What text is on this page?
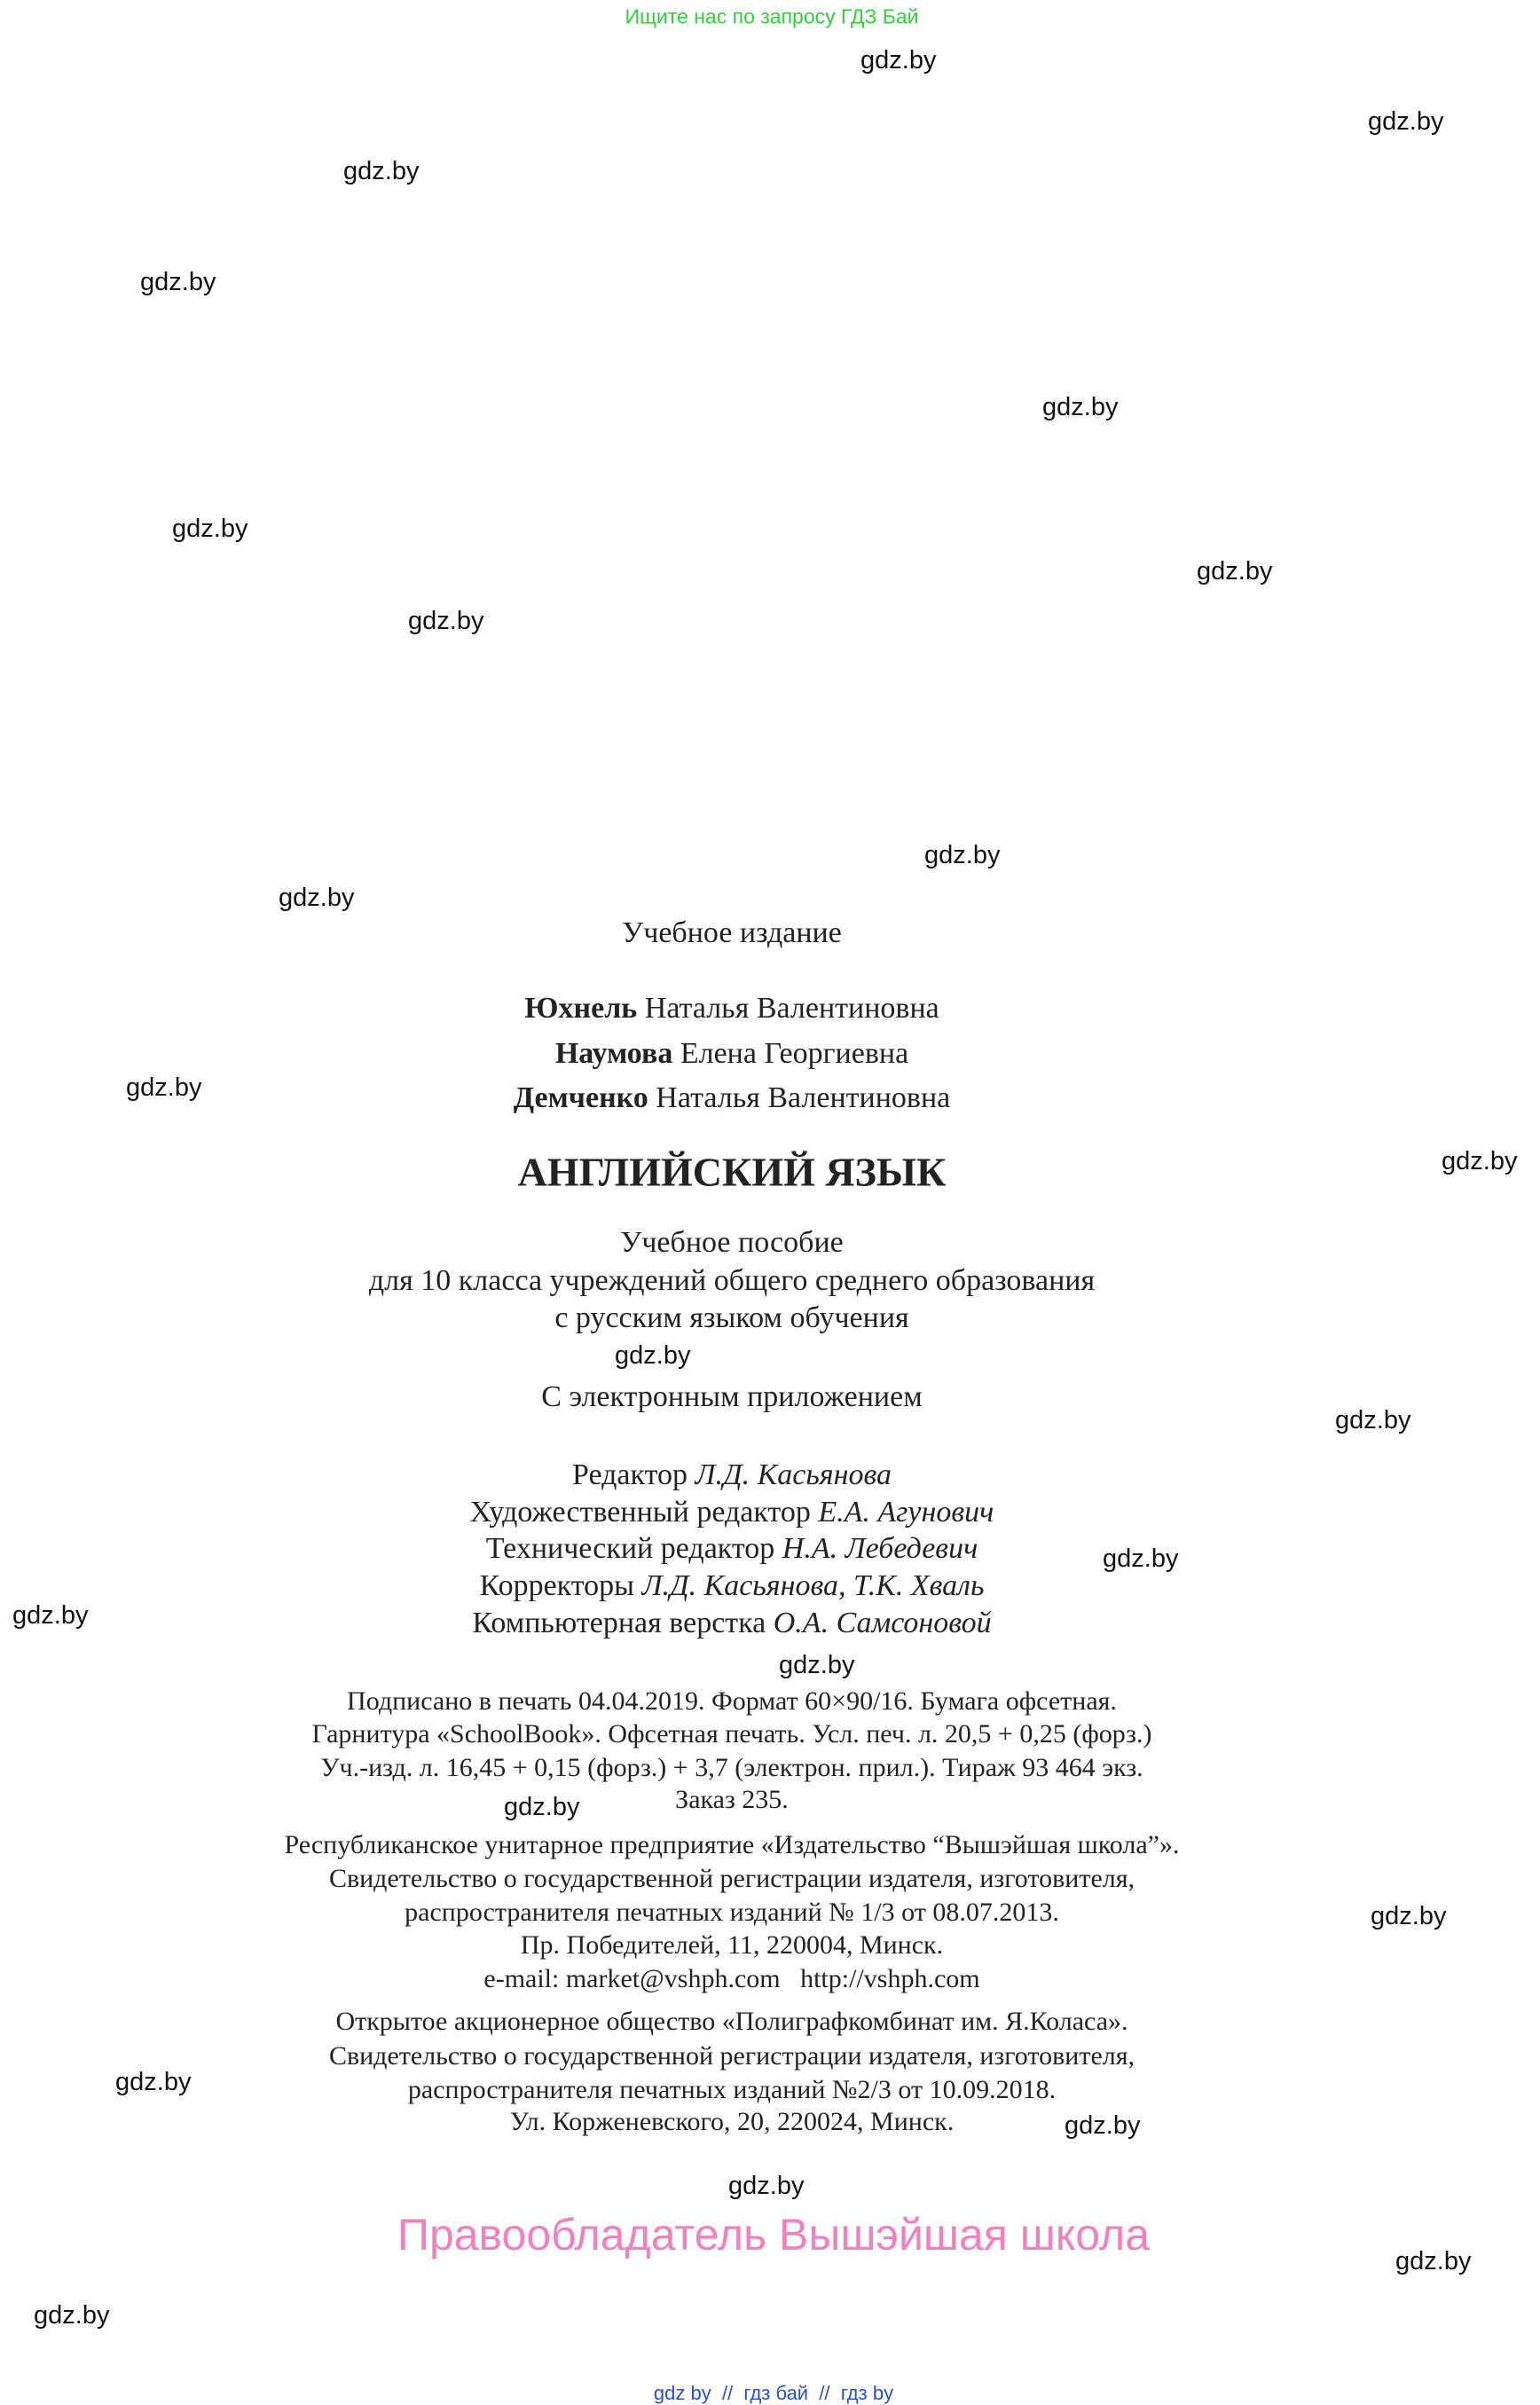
Ищите нас по запросу ГДЗ Бай
gdz.by
gdz.by
gdz.by
gdz.by
gdz.by
gdz.by
gdz.by
gdz.by
gdz.by
gdz.by
gdz.by
gdz.by
gdz.by
gdz.by
gdz.by
gdz.by
gdz.by
gdz.by
gdz.by
gdz.by
gdz.by
gdz.by
gdz.by
gdz.by
Учебное издание
Юхнель Наталья Валентиновна
Наумова Елена Георгиевна
Демченко Наталья Валентиновна
АНГЛИЙСКИЙ ЯЗЫК
Учебное пособие
для 10 класса учреждений общего среднего образования
с русским языком обучения
С электронным приложением
Редактор Л.Д. Касьянова
Художественный редактор Е.А. Агунович
Технический редактор Н.А. Лебедевич
Корректоры Л.Д. Касьянова, Т.К. Хваль
Компьютерная верстка О.А. Самсоновой
Подписано в печать 04.04.2019. Формат 60×90/16. Бумага офсетная.
Гарнитура «SchoolBook». Офсетная печать. Усл. печ. л. 20,5 + 0,25 (форз.)
Уч.-изд. л. 16,45 + 0,15 (форз.) + 3,7 (электрон. прил.). Тираж 93 464 экз.
Заказ 235.
Республиканское унитарное предприятие «Издательство “Вышэйшая школа”».
Свидетельство о государственной регистрации издателя, изготовителя,
распространителя печатных изданий № 1/3 от 08.07.2013.
Пр. Победителей, 11, 220004, Минск.
e-mail: market@vshph.com   http://vshph.com
Открытое акционерное общество «Полиграфкомбинат им. Я.Коласа».
Свидетельство о государственной регистрации издателя, изготовителя,
распространителя печатных изданий №2/3 от 10.09.2018.
Ул. Корженевского, 20, 220024, Минск.
Правообладатель Вышэйшая школа
gdz by  //  гдз бай  //  гдз by
